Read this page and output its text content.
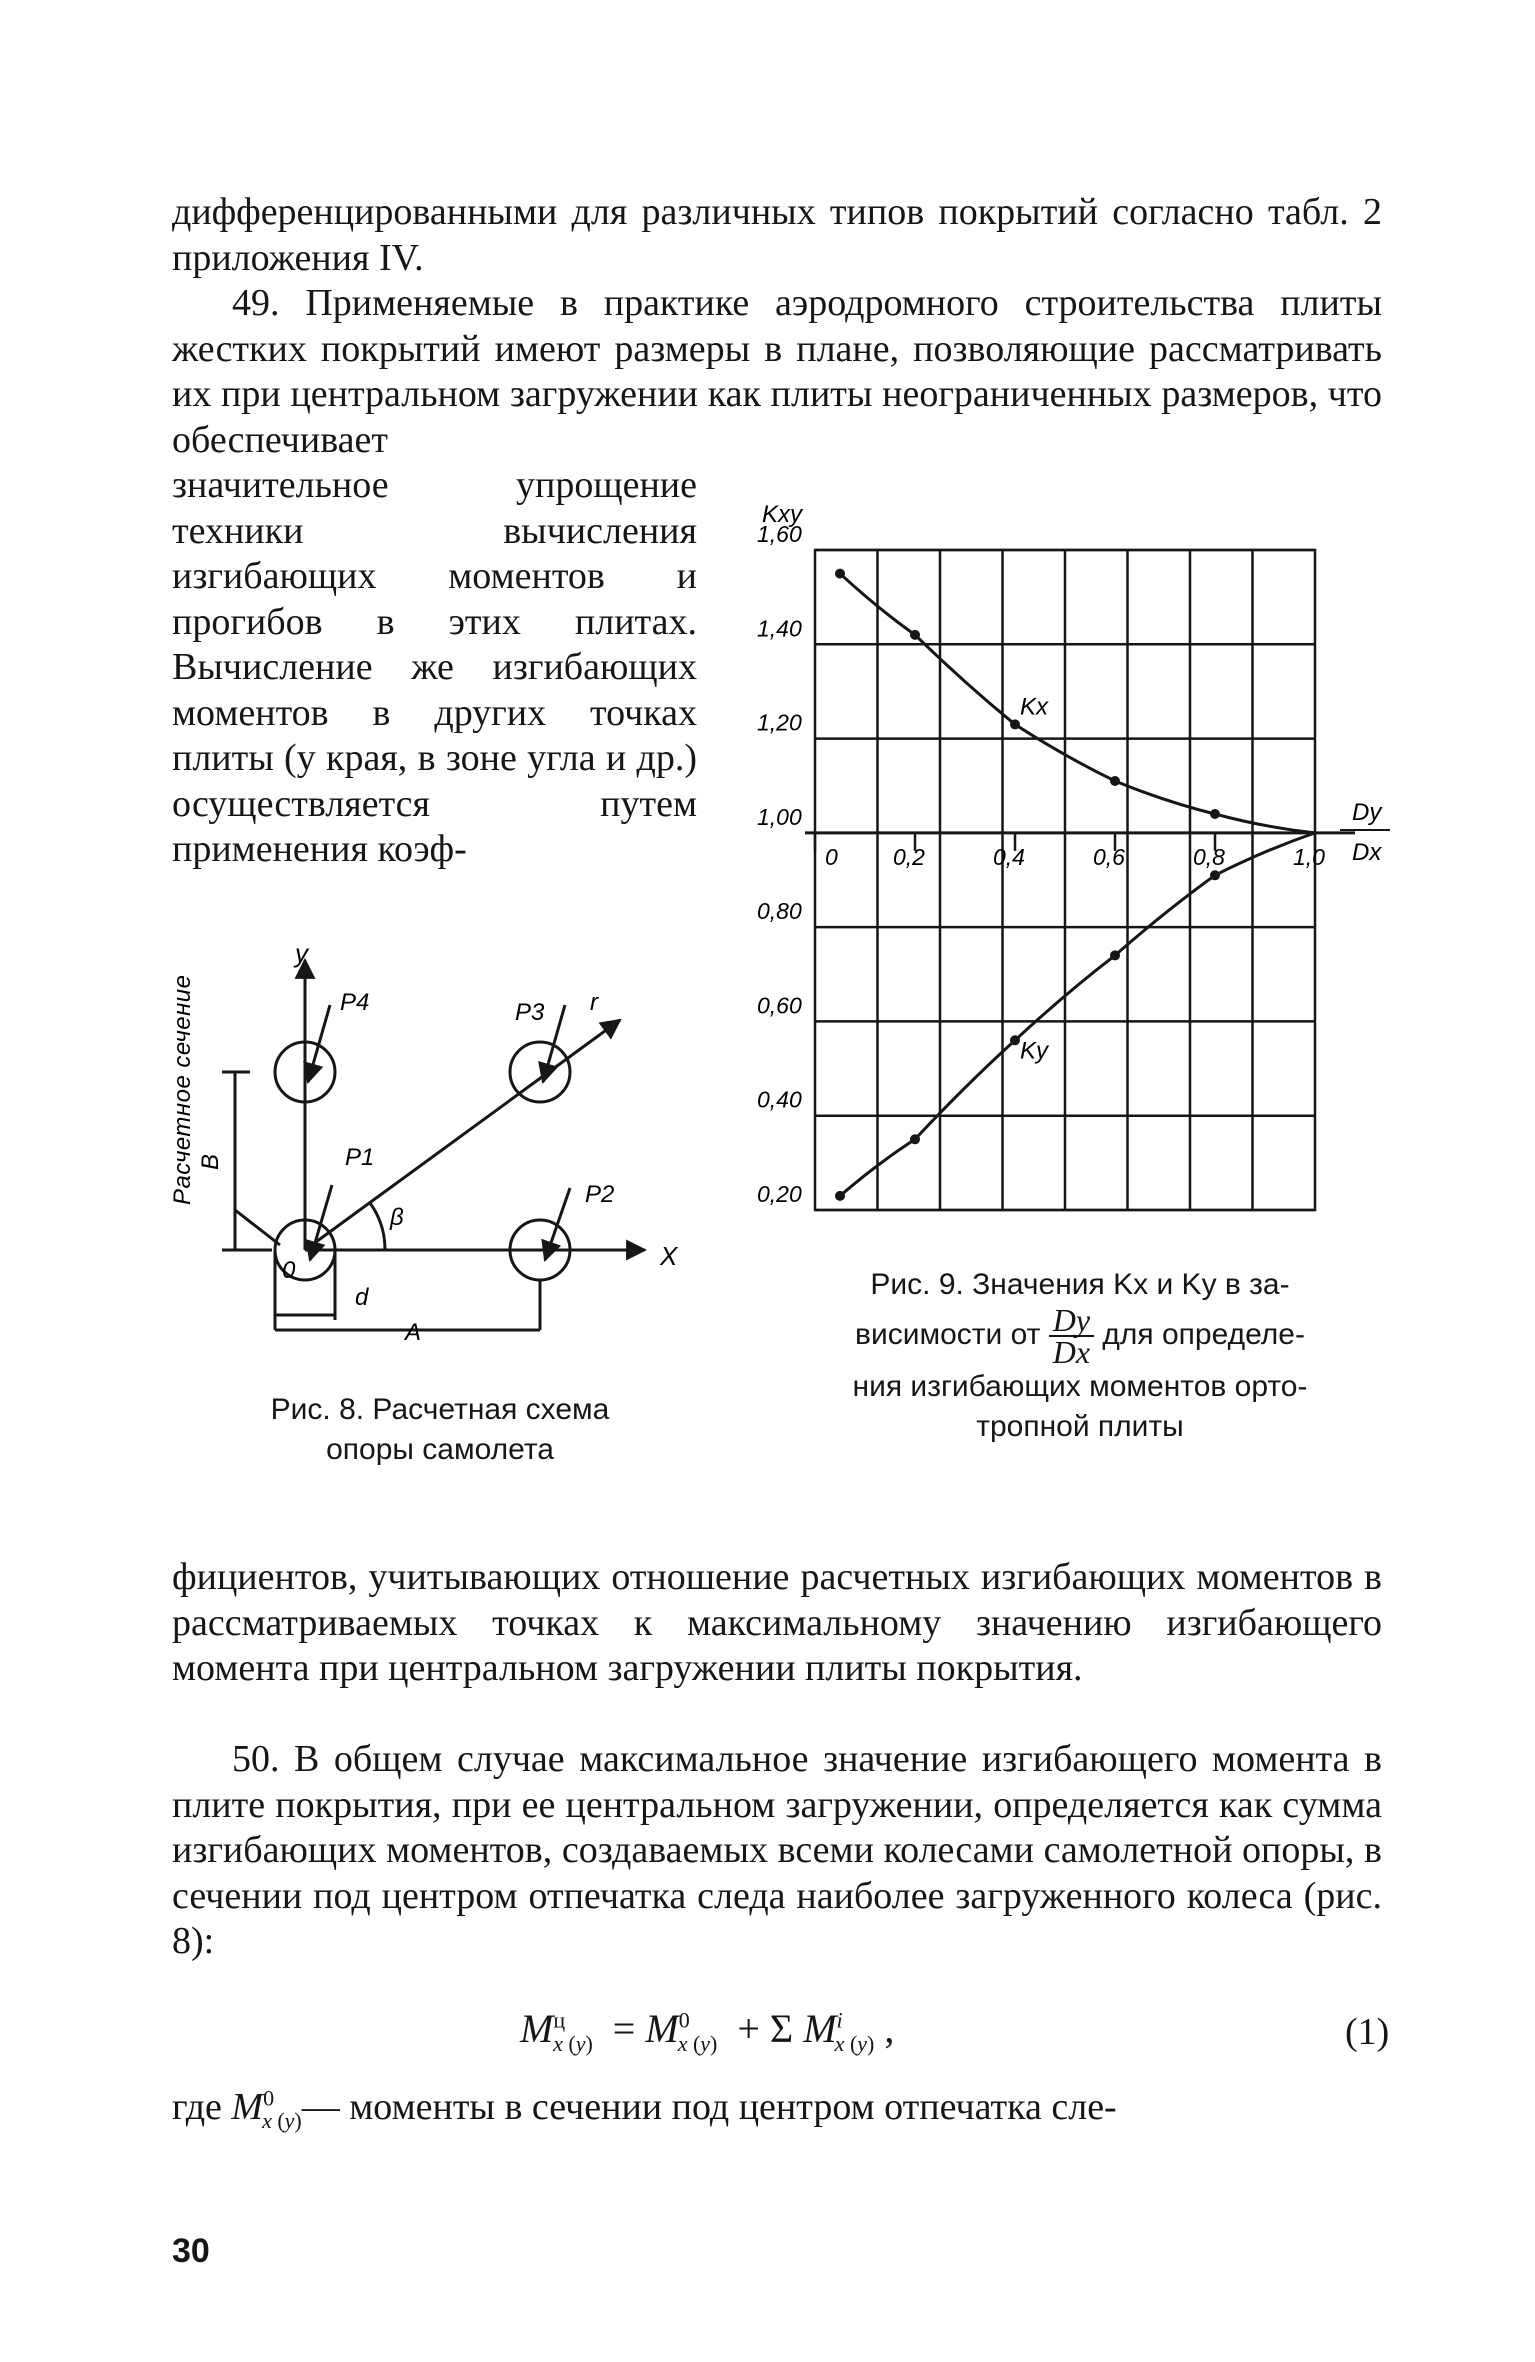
дифференцированными для различных типов покрытий согласно табл. 2 приложения IV.

49. Применяемые в практике аэродромного строительства плиты жестких покрытий имеют размеры в плане, позволяющие рассматривать их при центральном загружении как плиты неограниченных размеров, что обеспечивает

значительное упрощение техники вычисления изгибающих моментов и прогибов в этих плитах. Вычисление же изгибающих моментов в других точках плиты (у края, в зоне угла и др.) осуществляется путем применения коэф-

y
X
P4	P3 r
P1
P2
β
0
d
A
B
Расчетное сечение
Рис. 8. Расчетная схема
опоры самолета
1,60
1,40
1,20
1,00
0,80
0,60
0,40
0,20
0 0,2	0,4	0,6	0,8	1,0
Kx
Ky
Kxy
Dy
Dx
Рис. 9. Значения Kx и Ky в за-
висимости от $\frac{Dy}{Dx}$ для определе-
ния изгибающих моментов орто-
тропной плиты

фициентов, учитывающих отношение расчетных изгибающих моментов в рассматриваемых точках к максимальному значению изгибающего момента при центральном загружении плиты покрытия.

50. В общем случае максимальное значение изгибающего момента в плите покрытия, при ее центральном загружении, определяется как сумма изгибающих моментов, создаваемых всеми колесами самолетной опоры, в сечении под центром отпечатка следа наиболее загруженного колеса (рис. 8):

$M^ц_{x (y)} = M^0_{x (y)} + \Sigma$ $M^i_{x (y)}$ ,	(1)
где $M^0_{x (y)}—$ моменты в сечении под центром отпечатка сле-
30
